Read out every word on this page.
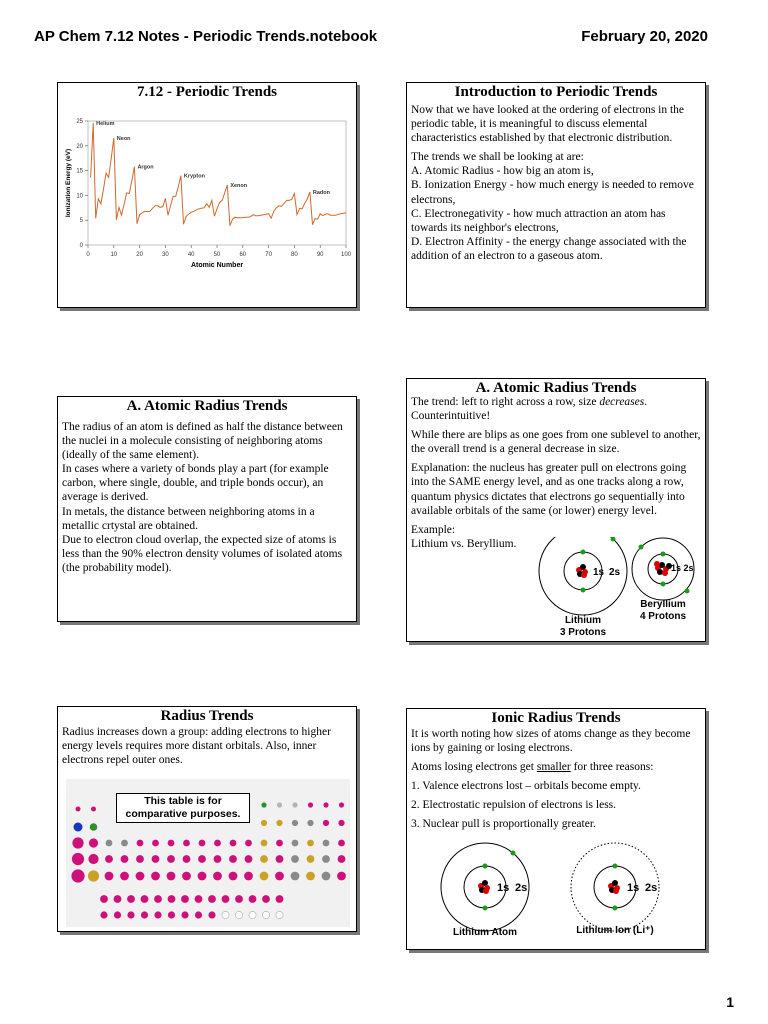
AP Chem 7.12 Notes - Periodic Trends.notebook	February 20, 2020
7.12 - Periodic Trends
0	10	20	30	40	50	60	70	80	90	100
0
5
10
15
20
25 Helium
Neon
Argon
Krypton
Xenon
Radon
Atomic Number
Ionization Energy (eV)
Introduction to Periodic Trends

Now that we have looked at the ordering of electrons in the periodic table, it is meaningful to discuss elemental characteristics established by that electronic distribution.

The trends we shall be looking at are:
A. Atomic Radius - how big an atom is,
B. Ionization Energy - how much energy is needed to remove electrons,
C. Electronegativity - how much attraction an atom has towards its neighbor's electrons,
D. Electron Affinity - the energy change associated with the addition of an electron to a gaseous atom.
A. Atomic Radius Trends
The radius of an atom is defined as half the distance between the nuclei in a molecule consisting of neighboring atoms (ideally of the same element).
In cases where a variety of bonds play a part (for example carbon, where single, double, and triple bonds occur), an average is derived.
In metals, the distance between neighboring atoms in a metallic crtystal are obtained.
Due to electron cloud overlap, the expected size of atoms is less than the 90% electron density volumes of isolated atoms (the probability model).
A. Atomic Radius Trends

The trend: left to right across a row, size decreases. Counterintuitive!

While there are blips as one goes from one sublevel to another, the overall trend is a general decrease in size.

Explanation: the nucleus has greater pull on electrons going into the SAME energy level, and as one tracks along a row, quantum physics dictates that electrons go sequentially into available orbitals of the same (or lower) energy level.

Example:
Lithium vs. Beryllium.
1s 2s
Lithium
3 Protons
1s 2s
Beryllium
4 Protons
Radius Trends
Radius increases down a group: adding electrons to higher energy levels requires more distant orbitals. Also, inner electrons repel outer ones.
This table is for comparative purposes.
Ionic Radius Trends

It is worth noting how sizes of atoms change as they become ions by gaining or losing electrons.

Atoms losing electrons get smaller for three reasons:

1. Valence electrons lost – orbitals become empty.

2. Electrostatic repulsion of electrons is less.

3. Nuclear pull is proportionally greater.

1s 2s
Lithium Atom
1s 2s
Lithium Ion (Li⁺)
1
